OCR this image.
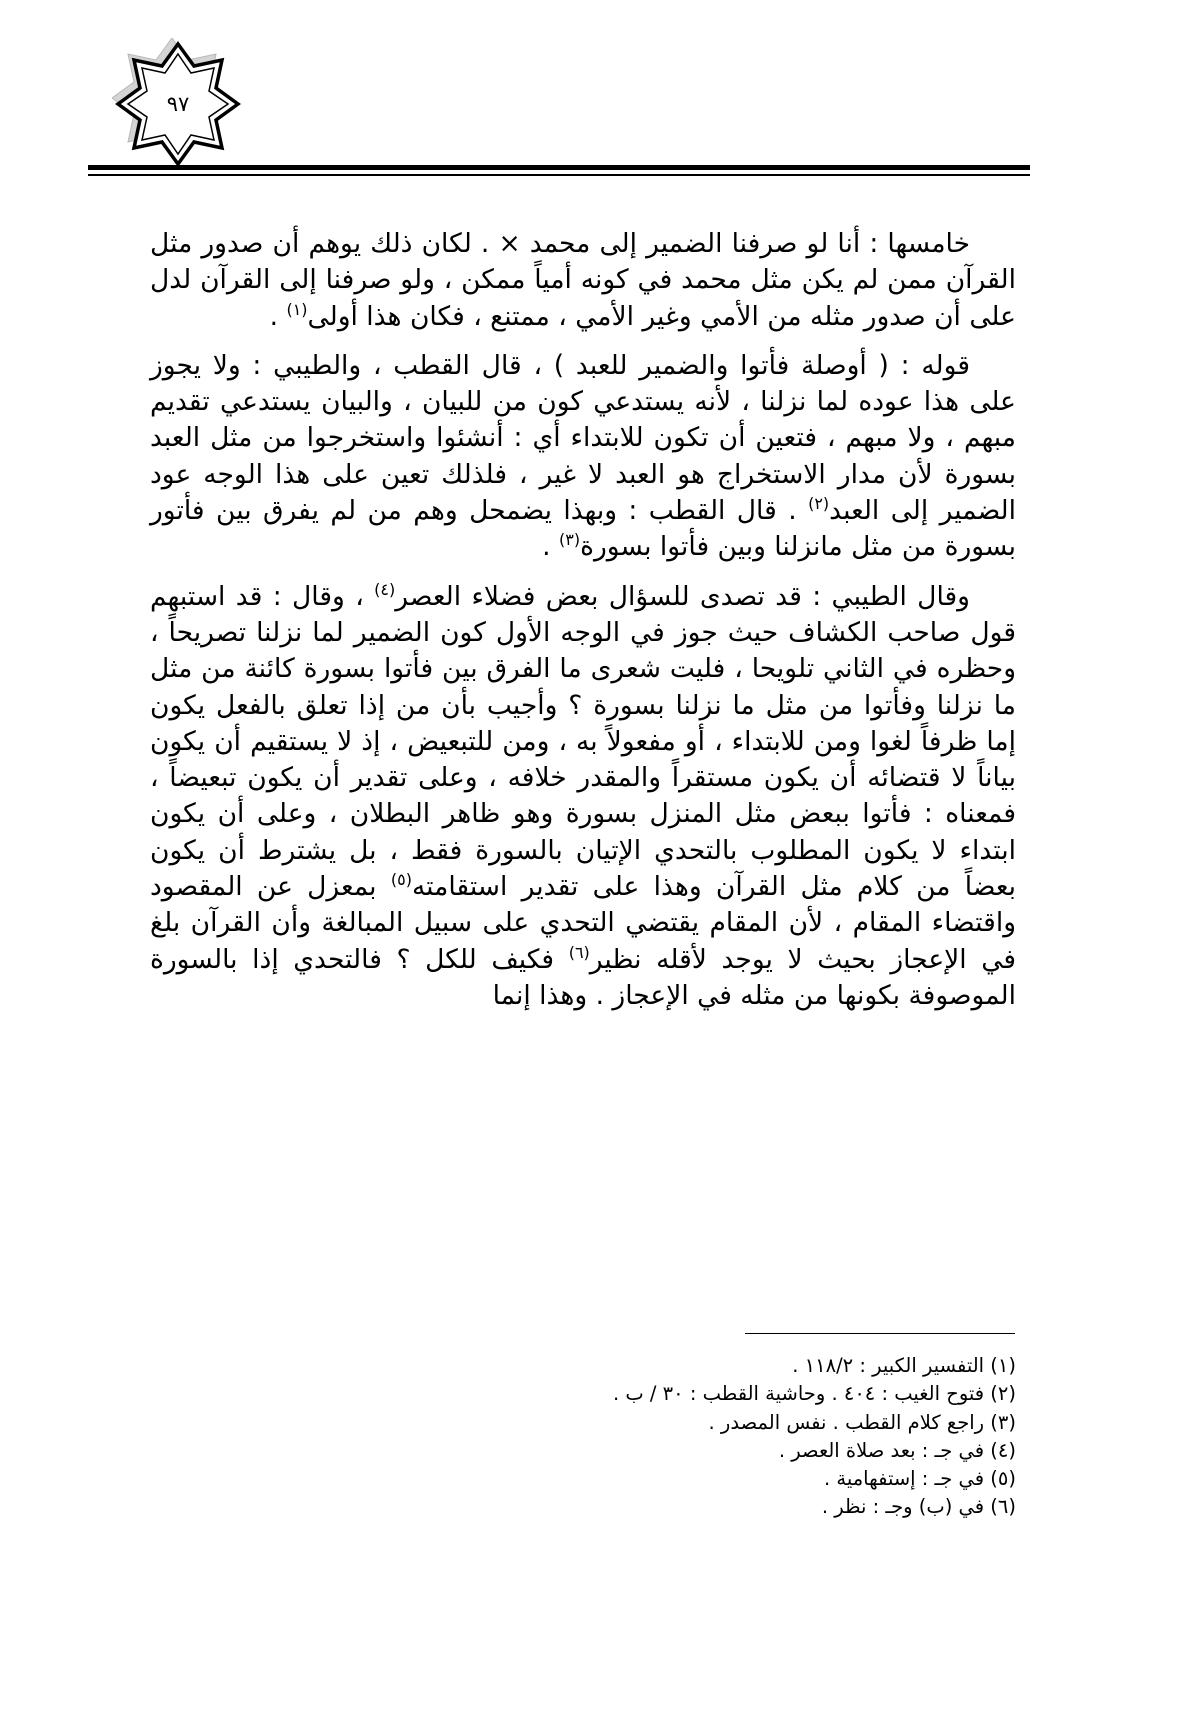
٩٧

خامسها : أنا لو صرفنا الضمير إلى محمد × . لكان ذلك يوهم أن صدور مثل القرآن ممن لم يكن مثل محمد في كونه أمياً ممكن ، ولو صرفنا إلى القرآن لدل على أن صدور مثله من الأمي وغير الأمي ، ممتنع ، فكان هذا أولى$^{(١)}$ .

قوله : ( أوصلة فأتوا والضمير للعبد ) ، قال القطب ، والطيبي : ولا يجوز على هذا عوده لما نزلنا ، لأنه يستدعي كون من للبيان ، والبيان يستدعي تقديم مبهم ، ولا مبهم ، فتعين أن تكون للابتداء أي : أنشئوا واستخرجوا من مثل العبد بسورة لأن مدار الاستخراج هو العبد لا غير ، فلذلك تعين على هذا الوجه عود الضمير إلى العبد$^{(٢)}$ . قال القطب : وبهذا يضمحل وهم من لم يفرق بين فأتور بسورة من مثل مانزلنا وبين فأتوا بسورة$^{(٣)}$ .

وقال الطيبي : قد تصدى للسؤال بعض فضلاء العصر$^{(٤)}$ ، وقال : قد استبهم قول صاحب الكشاف حيث جوز في الوجه الأول كون الضمير لما نزلنا تصريحاً ، وحظره في الثاني تلويحا ، فليت شعرى ما الفرق بين فأتوا بسورة كائنة من مثل ما نزلنا وفأتوا من مثل ما نزلنا بسورة ؟ وأجيب بأن من إذا تعلق بالفعل يكون إما ظرفاً لغوا ومن للابتداء ، أو مفعولاً به ، ومن للتبعيض ، إذ لا يستقيم أن يكون بياناً لا قتضائه أن يكون مستقراً والمقدر خلافه ، وعلى تقدير أن يكون تبعيضاً ، فمعناه : فأتوا ببعض مثل المنزل بسورة وهو ظاهر البطلان ، وعلى أن يكون ابتداء لا يكون المطلوب بالتحدي الإتيان بالسورة فقط ، بل يشترط أن يكون بعضاً من كلام مثل القرآن وهذا على تقدير استقامته$^{(٥)}$ بمعزل عن المقصود واقتضاء المقام ، لأن المقام يقتضي التحدي على سبيل المبالغة وأن القرآن بلغ في الإعجاز بحيث لا يوجد لأقله نظير$^{(٦)}$ فكيف للكل ؟ فالتحدي إذا بالسورة الموصوفة بكونها من مثله في الإعجاز . وهذا إنما

(١) التفسير الكبير : ١١٨/٢ .

(٢) فتوح الغيب : ٤٠٤ . وحاشية القطب : ٣٠ / ب .

(٣) راجع كلام القطب . نفس المصدر .

(٤) في جـ : بعد صلاة العصر .

(٥) في جـ : إستفهامية .

(٦) في (ب) وجـ : نظر .
